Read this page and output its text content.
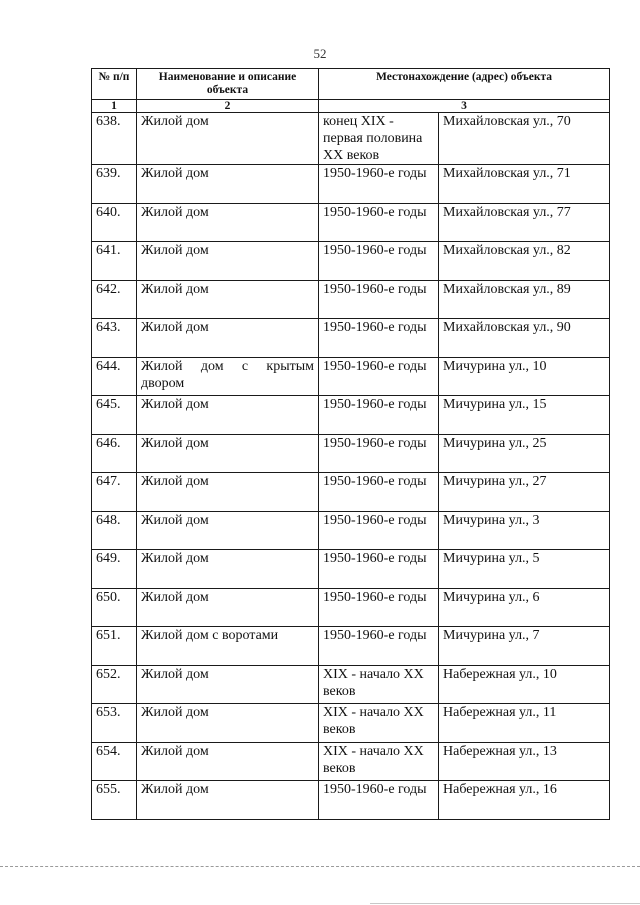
52
№ п/п	Наименование и описание объекта	Местонахождение (адрес) объекта	
1	2	3	
638.	Жилой дом	конец XIX - первая половина XX веков	Михайловская ул., 70
639.	Жилой дом	1950-1960-е годы	Михайловская ул., 71
640.	Жилой дом	1950-1960-е годы	Михайловская ул., 77
641.	Жилой дом	1950-1960-е годы	Михайловская ул., 82
642.	Жилой дом	1950-1960-е годы	Михайловская ул., 89
643.	Жилой дом	1950-1960-е годы	Михайловская ул., 90
644.	Жилой дом с крытым двором	1950-1960-е годы	Мичурина ул., 10
645.	Жилой дом	1950-1960-е годы	Мичурина ул., 15
646.	Жилой дом	1950-1960-е годы	Мичурина ул., 25
647.	Жилой дом	1950-1960-е годы	Мичурина ул., 27
648.	Жилой дом	1950-1960-е годы	Мичурина ул., 3
649.	Жилой дом	1950-1960-е годы	Мичурина ул., 5
650.	Жилой дом	1950-1960-е годы	Мичурина ул., 6
651.	Жилой дом с воротами	1950-1960-е годы	Мичурина ул., 7
652.	Жилой дом	XIX - начало XX веков	Набережная ул., 10
653.	Жилой дом	XIX - начало XX веков	Набережная ул., 11
654.	Жилой дом	XIX - начало XX веков	Набережная ул., 13
655.	Жилой дом	1950-1960-е годы	Набережная ул., 16
